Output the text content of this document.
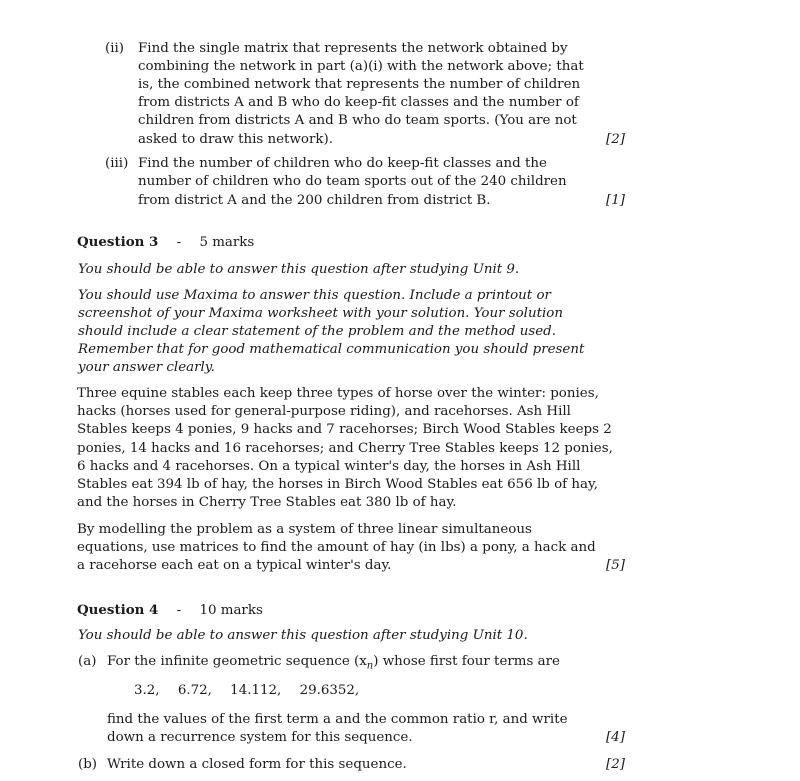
(ii) Find the single matrix that represents the network obtained by
combining the network in part (a)(i) with the network above; that
is, the combined network that represents the number of children
from districts A and B who do keep-fit classes and the number of
children from districts A and B who do team sports. (You are not
asked to draw this network).	[2]
(iii) Find the number of children who do keep-fit classes and the
number of children who do team sports out of the 240 children
from district A and the 200 children from district B.	[1]
Question 3 - 5 marks
You should be able to answer this question after studying Unit 9.
You should use Maxima to answer this question. Include a printout or
screenshot of your Maxima worksheet with your solution. Your solution
should include a clear statement of the problem and the method used.
Remember that for good mathematical communication you should present
your answer clearly.
Three equine stables each keep three types of horse over the winter: ponies,
hacks (horses used for general-purpose riding), and racehorses. Ash Hill
Stables keeps 4 ponies, 9 hacks and 7 racehorses; Birch Wood Stables keeps 2
ponies, 14 hacks and 16 racehorses; and Cherry Tree Stables keeps 12 ponies,
6 hacks and 4 racehorses. On a typical winter's day, the horses in Ash Hill
Stables eat 394 lb of hay, the horses in Birch Wood Stables eat 656 lb of hay,
and the horses in Cherry Tree Stables eat 380 lb of hay.
By modelling the problem as a system of three linear simultaneous
equations, use matrices to find the amount of hay (in lbs) a pony, a hack and
a racehorse each eat on a typical winter's day.	[5]
Question 4 - 10 marks
You should be able to answer this question after studying Unit 10.
(a) For the infinite geometric sequence $(x_n)$ whose first four terms are
3.2, 6.72, 14.112, 29.6352,
find the values of the first term a and the common ratio r, and write
down a recurrence system for this sequence.	[4]
(b) Write down a closed form for this sequence.	[2]
